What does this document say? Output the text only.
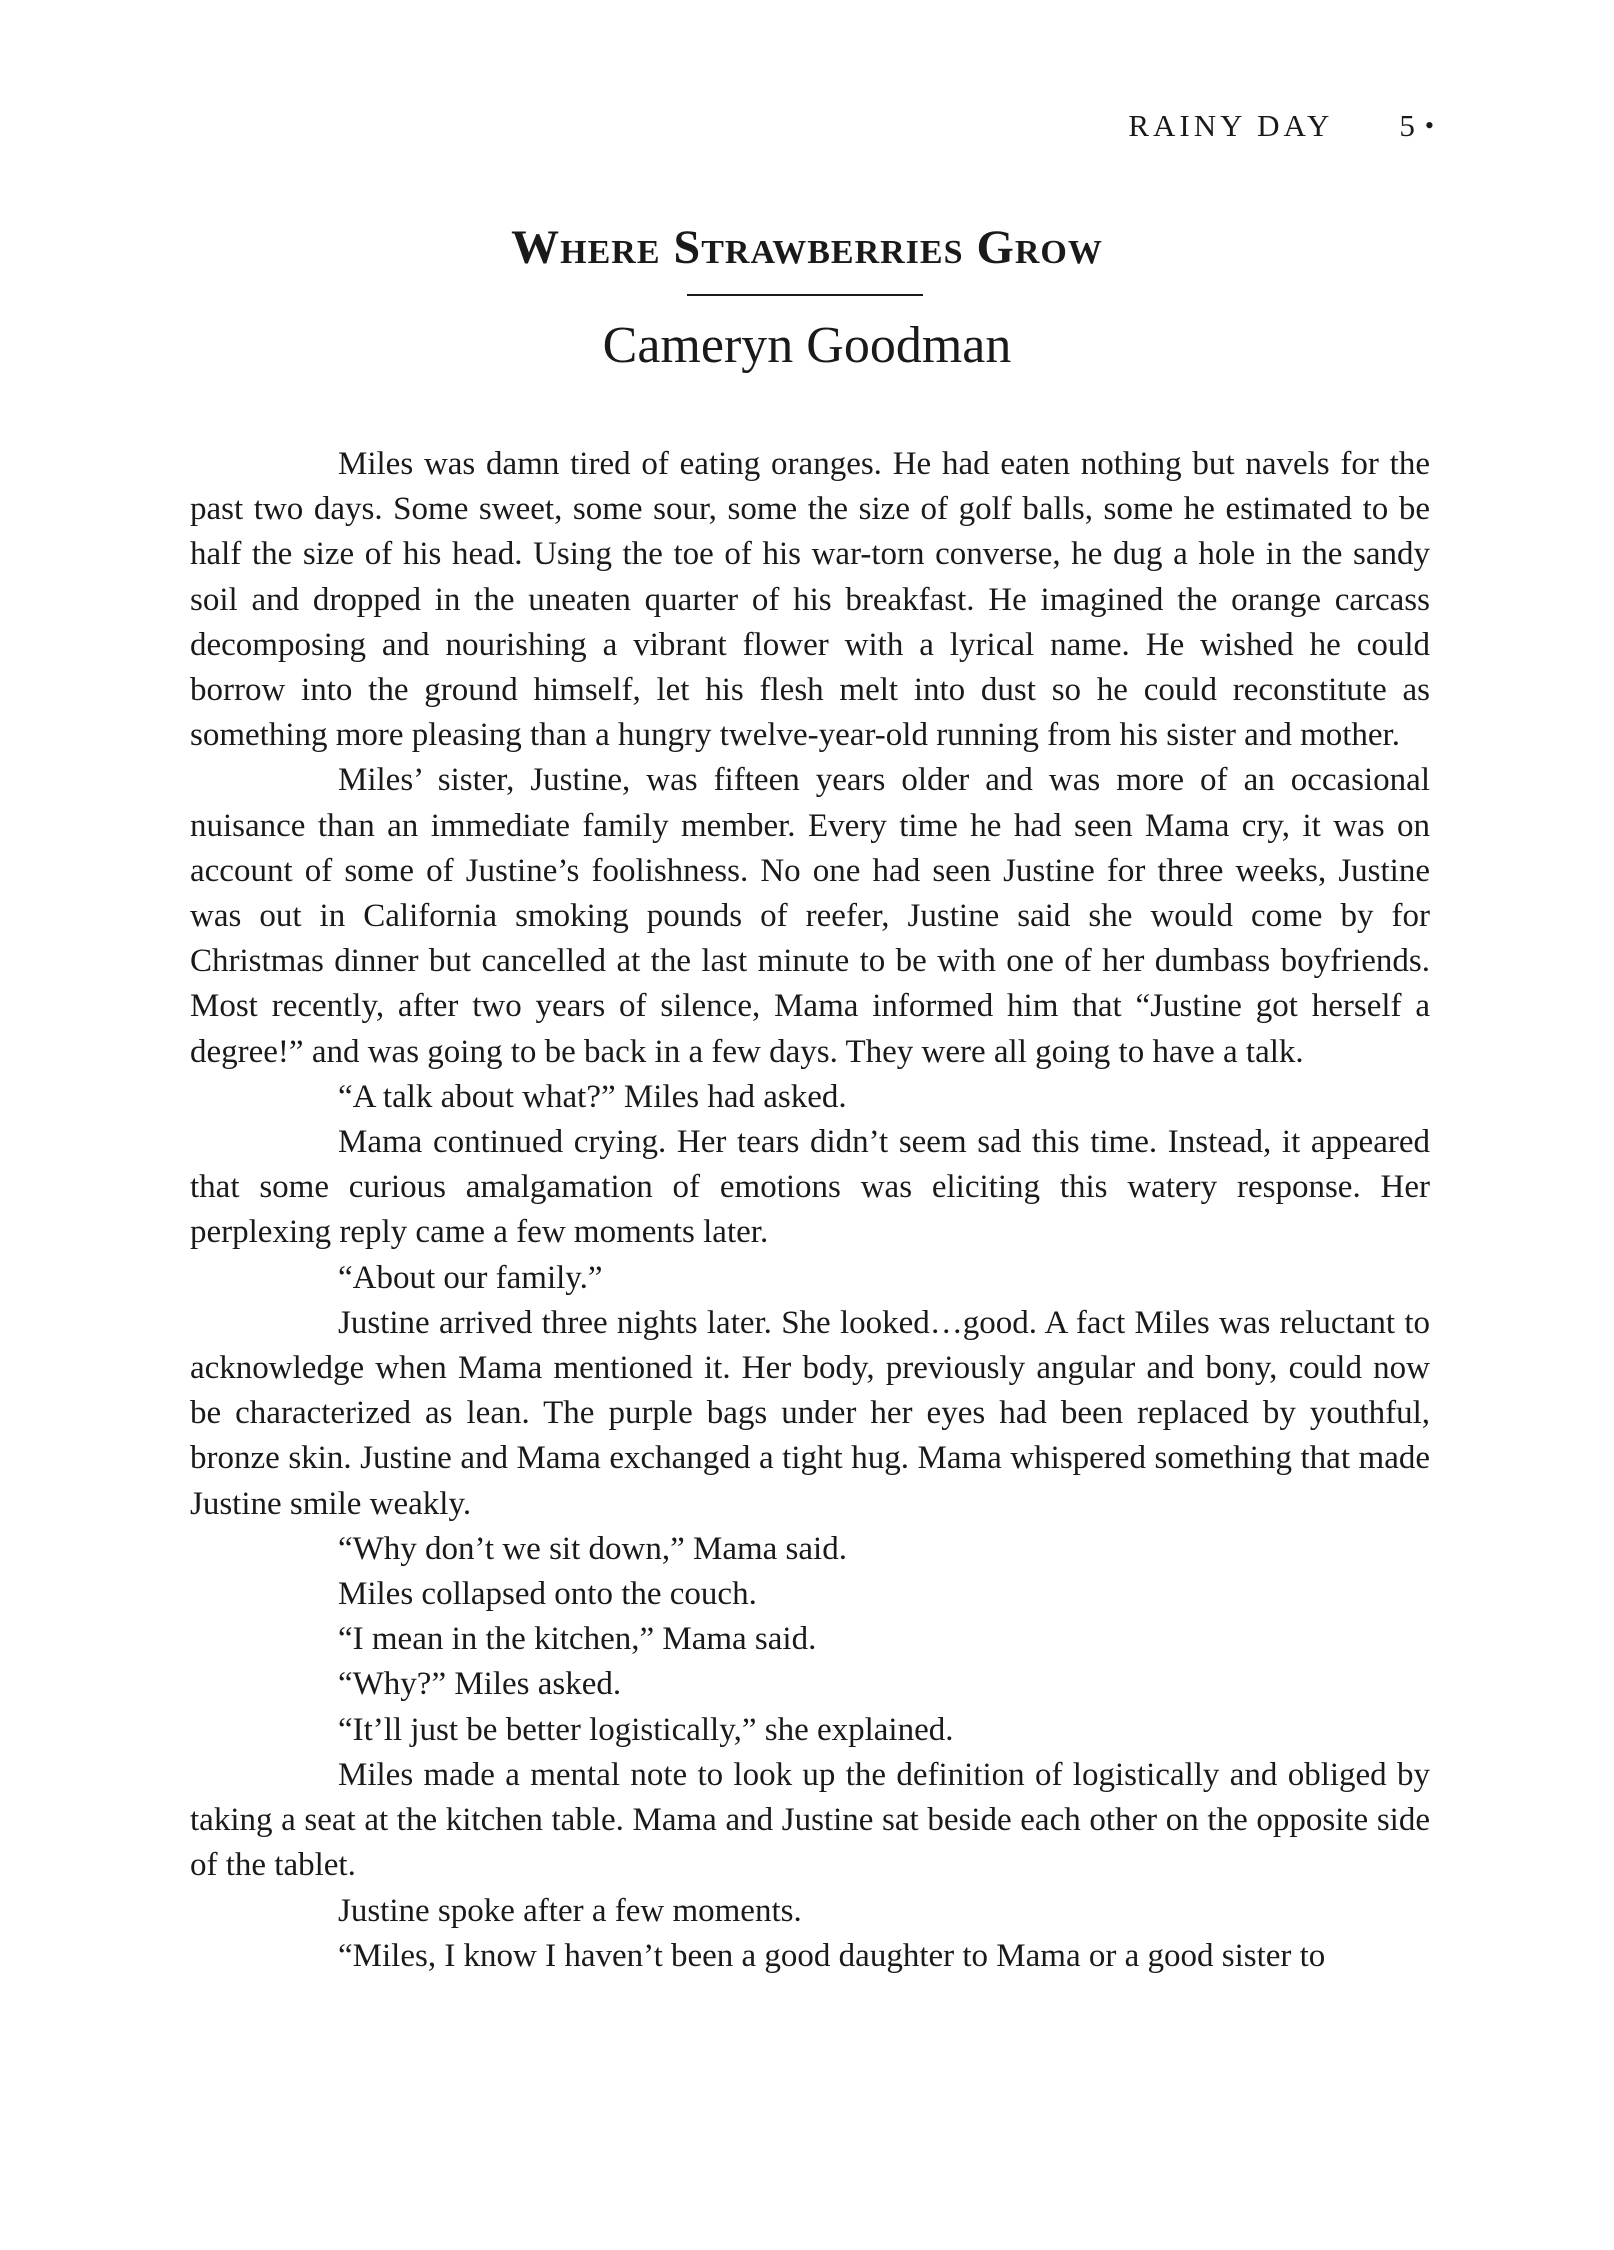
RAINY DAY 5 •
Where Strawberries Grow
Cameryn Goodman

Miles was damn tired of eating oranges. He had eaten nothing but navels for the past two days. Some sweet, some sour, some the size of golf balls, some he estimated to be half the size of his head. Using the toe of his war-torn converse, he dug a hole in the sandy soil and dropped in the uneaten quarter of his breakfast. He imagined the orange carcass decomposing and nourishing a vibrant flower with a lyrical name. He wished he could borrow into the ground himself, let his flesh melt into dust so he could reconstitute as something more pleasing than a hungry twelve-year-old running from his sister and mother.

Miles’ sister, Justine, was fifteen years older and was more of an occasional nuisance than an immediate family member. Every time he had seen Mama cry, it was on account of some of Justine’s foolishness. No one had seen Justine for three weeks, Justine was out in California smoking pounds of reefer, Justine said she would come by for Christmas dinner but cancelled at the last minute to be with one of her dumbass boyfriends. Most recently, after two years of silence, Mama informed him that “Justine got herself a degree!” and was going to be back in a few days. They were all going to have a talk.

“A talk about what?” Miles had asked.

Mama continued crying. Her tears didn’t seem sad this time. Instead, it appeared that some curious amalgamation of emotions was eliciting this watery response. Her perplexing reply came a few moments later.

“About our family.”

Justine arrived three nights later. She looked…good. A fact Miles was reluctant to acknowledge when Mama mentioned it. Her body, previously angular and bony, could now be characterized as lean. The purple bags under her eyes had been replaced by youthful, bronze skin. Justine and Mama exchanged a tight hug. Mama whispered something that made Justine smile weakly.

“Why don’t we sit down,” Mama said.

Miles collapsed onto the couch.

“I mean in the kitchen,” Mama said.

“Why?” Miles asked.

“It’ll just be better logistically,” she explained.

Miles made a mental note to look up the definition of logistically and obliged by taking a seat at the kitchen table. Mama and Justine sat beside each other on the opposite side of the tablet.

Justine spoke after a few moments.

“Miles, I know I haven’t been a good daughter to Mama or a good sister to
